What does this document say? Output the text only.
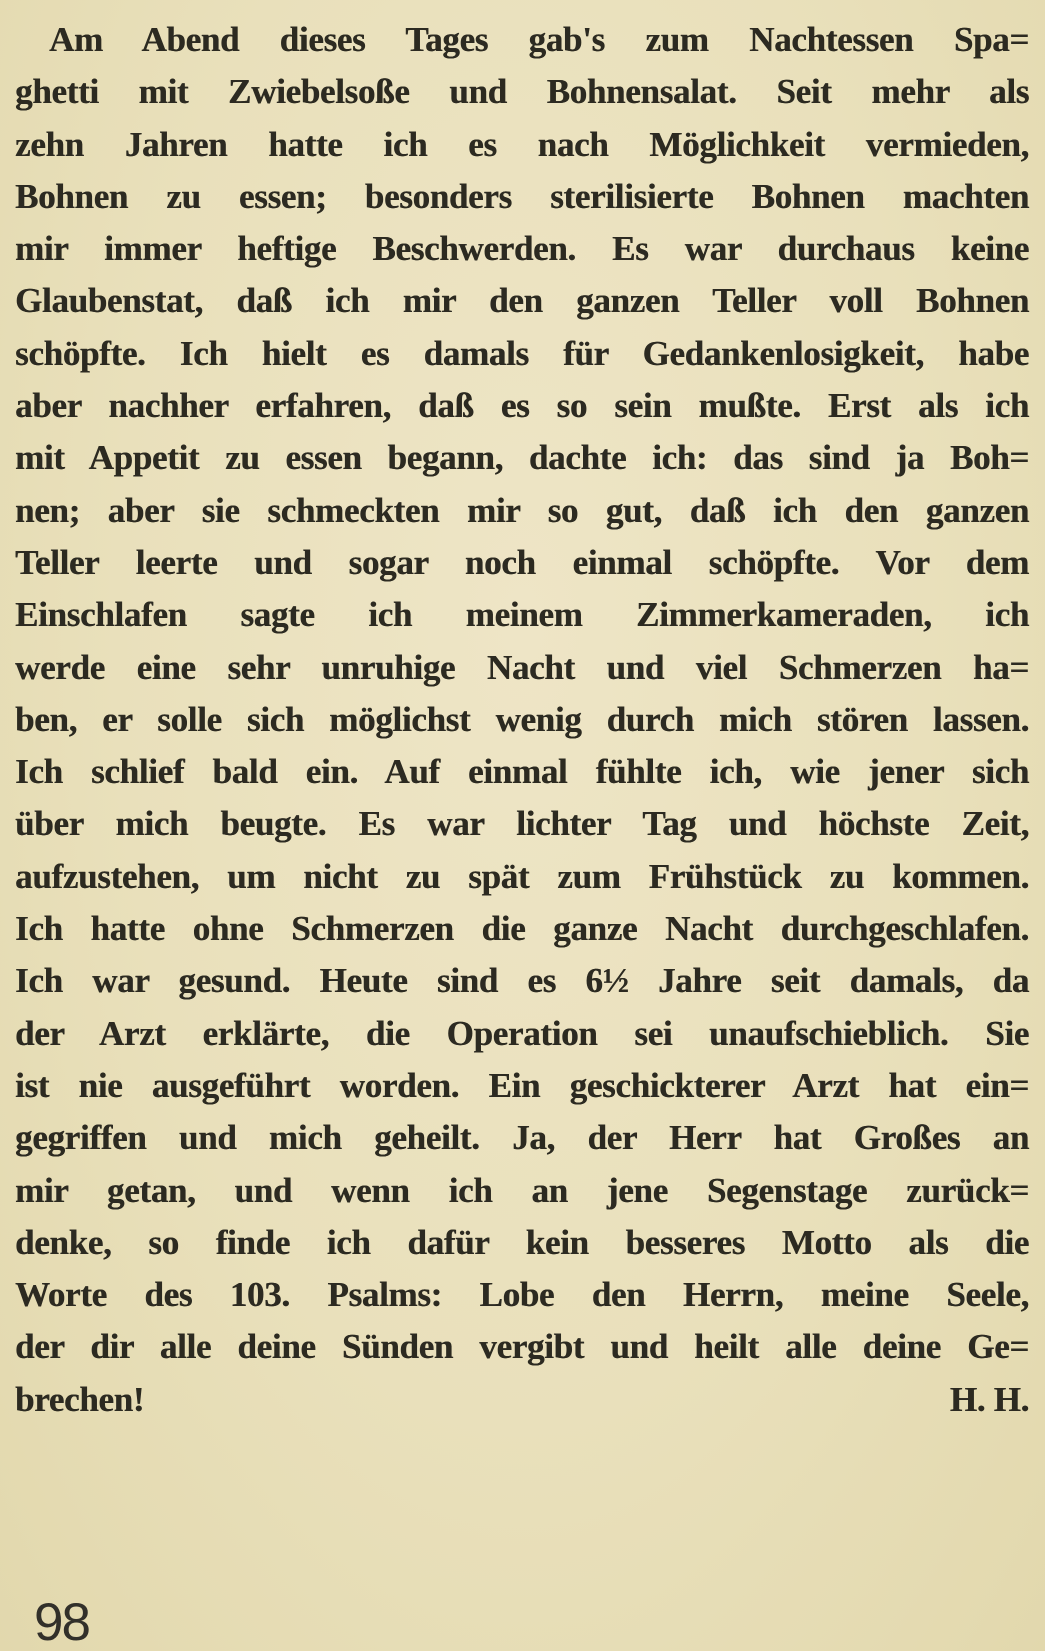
Am Abend dieses Tages gab's zum Nachtessen Spa=
ghetti mit Zwiebelsoße und Bohnensalat. Seit mehr als
zehn Jahren hatte ich es nach Möglichkeit vermieden,
Bohnen zu essen; besonders sterilisierte Bohnen machten
mir immer heftige Beschwerden. Es war durchaus keine
Glaubenstat, daß ich mir den ganzen Teller voll Bohnen
schöpfte. Ich hielt es damals für Gedankenlosigkeit, habe
aber nachher erfahren, daß es so sein mußte. Erst als ich
mit Appetit zu essen begann, dachte ich: das sind ja Boh=
nen; aber sie schmeckten mir so gut, daß ich den ganzen
Teller leerte und sogar noch einmal schöpfte. Vor dem
Einschlafen sagte ich meinem Zimmerkameraden, ich
werde eine sehr unruhige Nacht und viel Schmerzen ha=
ben, er solle sich möglichst wenig durch mich stören lassen.
Ich schlief bald ein. Auf einmal fühlte ich, wie jener sich
über mich beugte. Es war lichter Tag und höchste Zeit,
aufzustehen, um nicht zu spät zum Frühstück zu kommen.
Ich hatte ohne Schmerzen die ganze Nacht durchgeschlafen.
Ich war gesund. Heute sind es 6½ Jahre seit damals, da
der Arzt erklärte, die Operation sei unaufschieblich. Sie
ist nie ausgeführt worden. Ein geschickterer Arzt hat ein=
gegriffen und mich geheilt. Ja, der Herr hat Großes an
mir getan, und wenn ich an jene Segenstage zurück=
denke, so finde ich dafür kein besseres Motto als die
Worte des 103. Psalms: Lobe den Herrn, meine Seele,
der dir alle deine Sünden vergibt und heilt alle deine Ge=
brechen!	H. H.
98
